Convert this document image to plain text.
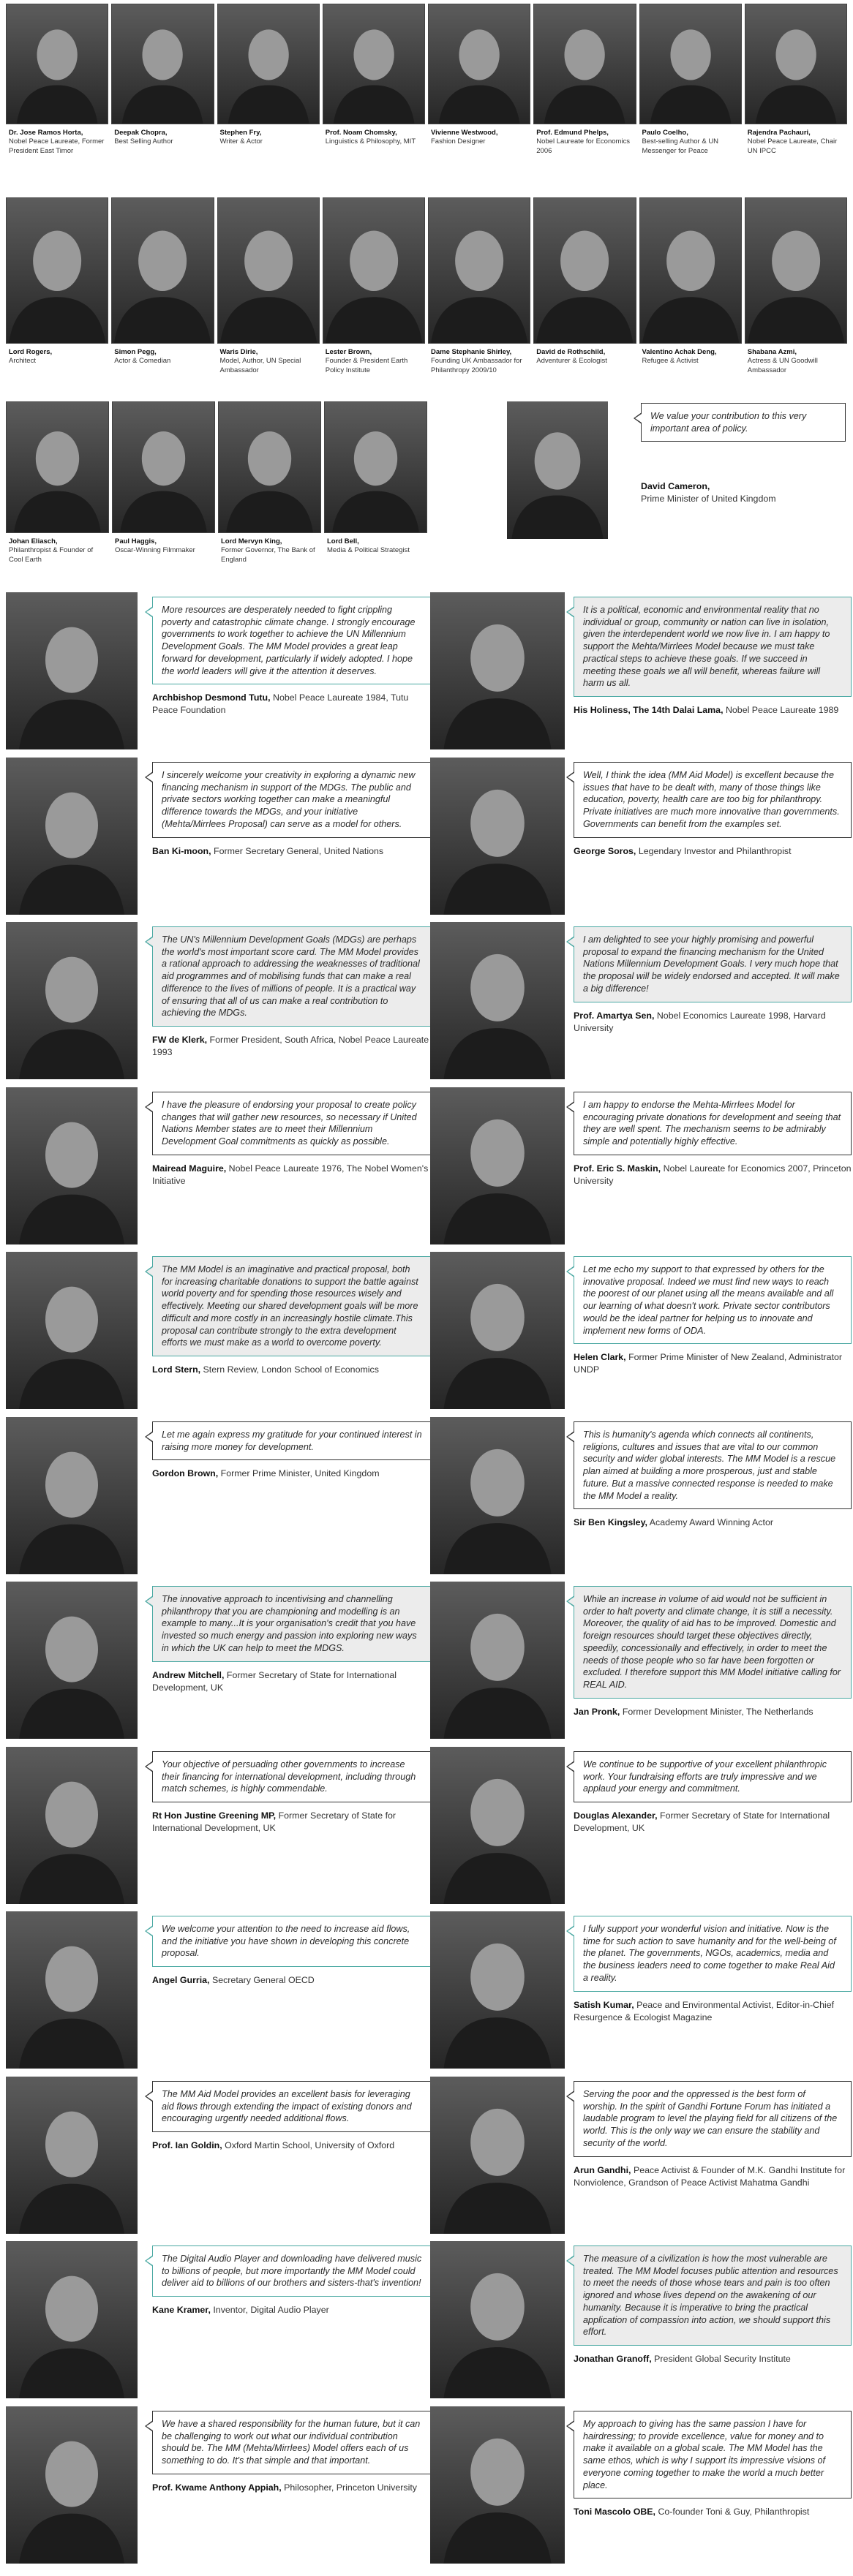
Dr. Jose Ramos Horta,
Nobel Peace Laureate, Former President East Timor
Deepak Chopra,
Best Selling Author
Stephen Fry,
Writer & Actor
Prof. Noam Chomsky,
Linguistics & Philosophy, MIT
Vivienne Westwood,
Fashion Designer
Prof. Edmund Phelps,
Nobel Laureate for Economics 2006
Paulo Coelho,
Best-selling Author & UN Messenger for Peace
Rajendra Pachauri,
Nobel Peace Laureate, Chair UN IPCC
Lord Rogers,
Architect
Simon Pegg,
Actor & Comedian
Waris Dirie,
Model, Author, UN Special Ambassador
Lester Brown,
Founder & President Earth Policy Institute
Dame Stephanie Shirley,
Founding UK Ambassador for Philanthropy 2009/10
David de Rothschild,
Adventurer & Ecologist
Valentino Achak Deng,
Refugee & Activist
Shabana Azmi,
Actress & UN Goodwill Ambassador
Johan Eliasch,
Philanthropist & Founder of Cool Earth
Paul Haggis,
Oscar-Winning Filmmaker
Lord Mervyn King,
Former Governor, The Bank of England
Lord Bell,
Media & Political Strategist
We value your contribution to this very important area of policy.
David Cameron,
Prime Minister of United Kingdom
More resources are desperately needed to fight crippling poverty and catastrophic climate change. I strongly encourage governments to work together to achieve the UN Millennium Development Goals. The MM Model provides a great leap forward for development, particularly if widely adopted. I hope the world leaders will give it the attention it deserves.
Archbishop Desmond Tutu, Nobel Peace Laureate 1984, Tutu Peace Foundation
It is a political, economic and environmental reality that no individual or group, community or nation can live in isolation, given the interdependent world we now live in. I am happy to support the Mehta/Mirrlees Model because we must take practical steps to achieve these goals. If we succeed in meeting these goals we all will benefit, whereas failure will harm us all.
His Holiness, The 14th Dalai Lama, Nobel Peace Laureate 1989
I sincerely welcome your creativity in exploring a dynamic new financing mechanism in support of the MDGs. The public and private sectors working together can make a meaningful difference towards the MDGs, and your initiative (Mehta/Mirrlees Proposal) can serve as a model for others.
Ban Ki-moon, Former Secretary General, United Nations
Well, I think the idea (MM Aid Model) is excellent because the issues that have to be dealt with, many of those things like education, poverty, health care are too big for philanthropy. Private initiatives are much more innovative than governments. Governments can benefit from the examples set.
George Soros, Legendary Investor and Philanthropist
The UN's Millennium Development Goals (MDGs) are perhaps the world's most important score card. The MM Model provides a rational approach to addressing the weaknesses of traditional aid programmes and of mobilising funds that can make a real difference to the lives of millions of people. It is a practical way of ensuring that all of us can make a real contribution to achieving the MDGs.
FW de Klerk, Former President, South Africa, Nobel Peace Laureate 1993
I am delighted to see your highly promising and powerful proposal to expand the financing mechanism for the United Nations Millennium Development Goals. I very much hope that the proposal will be widely endorsed and accepted. It will make a big difference!
Prof. Amartya Sen, Nobel Economics Laureate 1998, Harvard University
I have the pleasure of endorsing your proposal to create policy changes that will gather new resources, so necessary if United Nations Member states are to meet their Millennium Development Goal commitments as quickly as possible.
Mairead Maguire, Nobel Peace Laureate 1976, The Nobel Women's Initiative
I am happy to endorse the Mehta-Mirrlees Model for encouraging private donations for development and seeing that they are well spent. The mechanism seems to be admirably simple and potentially highly effective.
Prof. Eric S. Maskin, Nobel Laureate for Economics 2007, Princeton University
The MM Model is an imaginative and practical proposal, both for increasing charitable donations to support the battle against world poverty and for spending those resources wisely and effectively. Meeting our shared development goals will be more difficult and more costly in an increasingly hostile climate.This proposal can contribute strongly to the extra development efforts we must make as a world to overcome poverty.
Lord Stern, Stern Review, London School of Economics
Let me echo my support to that expressed by others for the innovative proposal. Indeed we must find new ways to reach the poorest of our planet using all the means available and all our learning of what doesn't work. Private sector contributors would be the ideal partner for helping us to innovate and implement new forms of ODA.
Helen Clark, Former Prime Minister of New Zealand, Administrator UNDP
Let me again express my gratitude for your continued interest in raising more money for development.
Gordon Brown, Former Prime Minister, United Kingdom
This is humanity's agenda which connects all continents, religions, cultures and issues that are vital to our common security and wider global interests. The MM Model is a rescue plan aimed at building a more prosperous, just and stable future. But a massive connected response is needed to make the MM Model a reality.
Sir Ben Kingsley, Academy Award Winning Actor
The innovative approach to incentivising and channelling philanthropy that you are championing and modelling is an example to many...It is your organisation's credit that you have invested so much energy and passion into exploring new ways in which the UK can help to meet the MDGS.
Andrew Mitchell, Former Secretary of State for International Development, UK
While an increase in volume of aid would not be sufficient in order to halt poverty and climate change, it is still a necessity. Moreover, the quality of aid has to be improved. Domestic and foreign resources should target these objectives directly, speedily, concessionally and effectively, in order to meet the needs of those people who so far have been forgotten or excluded. I therefore support this MM Model initiative calling for REAL AID.
Jan Pronk, Former Development Minister, The Netherlands
Your objective of persuading other governments to increase their financing for international development, including through match schemes, is highly commendable.
Rt Hon Justine Greening MP, Former Secretary of State for International Development, UK
We continue to be supportive of your excellent philanthropic work. Your fundraising efforts are truly impressive and we applaud your energy and commitment.
Douglas Alexander, Former Secretary of State for International Development, UK
We welcome your attention to the need to increase aid flows, and the initiative you have shown in developing this concrete proposal.
Angel Gurria, Secretary General OECD
I fully support your wonderful vision and initiative. Now is the time for such action to save humanity and for the well-being of the planet. The governments, NGOs, academics, media and the business leaders need to come together to make Real Aid a reality.
Satish Kumar, Peace and Environmental Activist, Editor-in-Chief Resurgence & Ecologist Magazine
The MM Aid Model provides an excellent basis for leveraging aid flows through extending the impact of existing donors and encouraging urgently needed additional flows.
Prof. Ian Goldin, Oxford Martin School, University of Oxford
Serving the poor and the oppressed is the best form of worship. In the spirit of Gandhi Fortune Forum has initiated a laudable program to level the playing field for all citizens of the world. This is the only way we can ensure the stability and security of the world.
Arun Gandhi, Peace Activist & Founder of M.K. Gandhi Institute for Nonviolence, Grandson of Peace Activist Mahatma Gandhi
The Digital Audio Player and downloading have delivered music to billions of people, but more importantly the MM Model could deliver aid to billions of our brothers and sisters-that's invention!
Kane Kramer, Inventor, Digital Audio Player
The measure of a civilization is how the most vulnerable are treated. The MM Model focuses public attention and resources to meet the needs of those whose tears and pain is too often ignored and whose lives depend on the awakening of our humanity. Because it is imperative to bring the practical application of compassion into action, we should support this effort.
Jonathan Granoff, President Global Security Institute
We have a shared responsibility for the human future, but it can be challenging to work out what our individual contribution should be. The MM (Mehta/Mirrlees) Model offers each of us something to do. It's that simple and that important.
Prof. Kwame Anthony Appiah, Philosopher, Princeton University
My approach to giving has the same passion I have for hairdressing; to provide excellence, value for money and to make it available on a global scale. The MM Model has the same ethos, which is why I support its impressive visions of everyone coming together to make the world a much better place.
Toni Mascolo OBE, Co-founder Toni & Guy, Philanthropist
